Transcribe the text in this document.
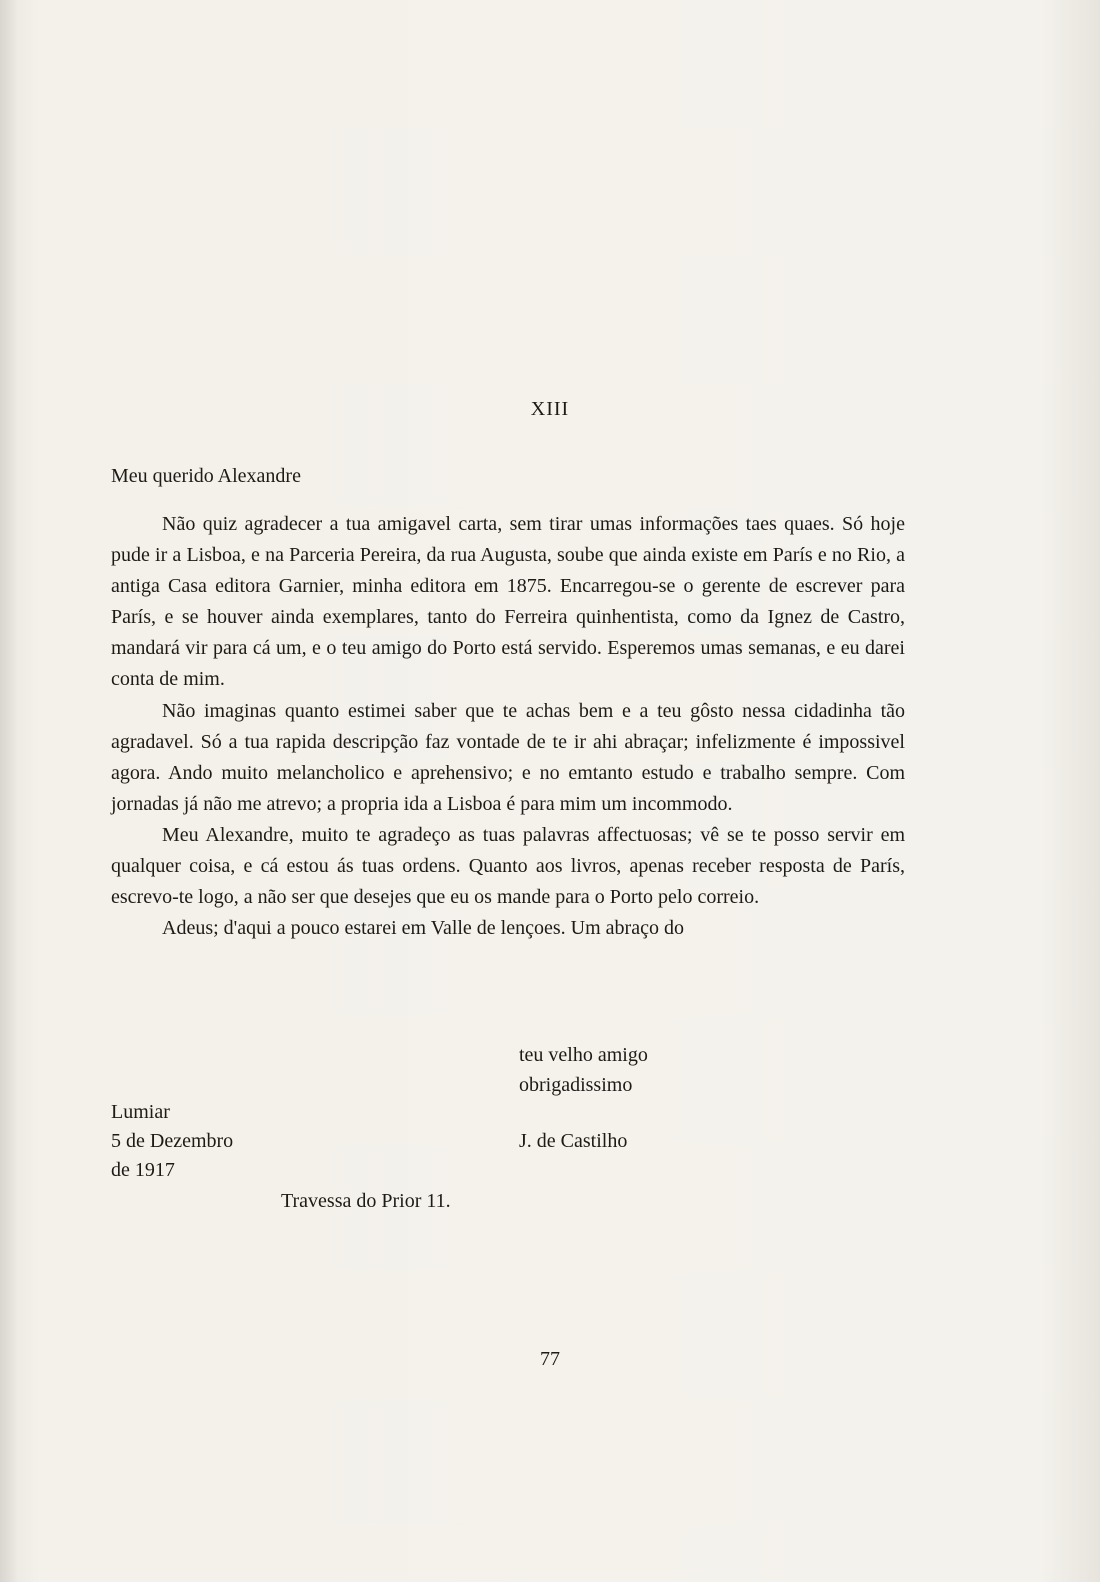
XIII
Meu querido Alexandre

Não quiz agradecer a tua amigavel carta, sem tirar umas informações taes quaes. Só hoje pude ir a Lisboa, e na Parceria Pereira, da rua Augusta, soube que ainda existe em París e no Rio, a antiga Casa editora Garnier, minha editora em 1875. Encarregou-se o gerente de escrever para París, e se houver ainda exemplares, tanto do Ferreira quinhentista, como da Ignez de Castro, mandará vir para cá um, e o teu amigo do Porto está servido. Esperemos umas semanas, e eu darei conta de mim.

Não imaginas quanto estimei saber que te achas bem e a teu gôsto nessa cidadinha tão agradavel. Só a tua rapida descripção faz vontade de te ir ahi abraçar; infelizmente é impossivel agora. Ando muito melancholico e aprehensivo; e no emtanto estudo e trabalho sempre. Com jornadas já não me atrevo; a propria ida a Lisboa é para mim um incommodo.

Meu Alexandre, muito te agradeço as tuas palavras affectuosas; vê se te posso servir em qualquer coisa, e cá estou ás tuas ordens. Quanto aos livros, apenas receber resposta de París, escrevo-te logo, a não ser que desejes que eu os mande para o Porto pelo correio.

Adeus; d'aqui a pouco estarei em Valle de lençoes. Um abraço do

teu velho amigo
obrigadissimo
Lumiar
5 de Dezembro	J. de Castilho
de 1917
Travessa do Prior 11.
77
